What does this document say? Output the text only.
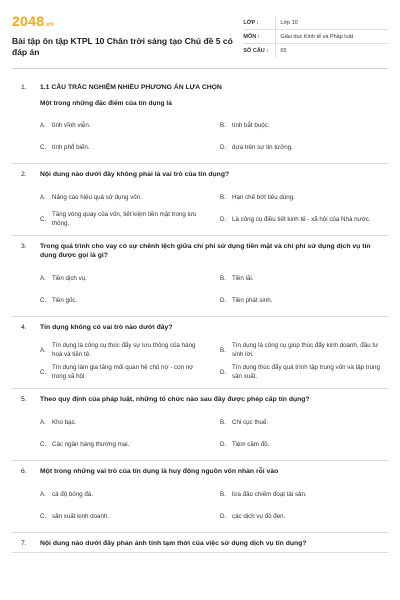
2048.vn
Bài tập ôn tập KTPL 10 Chân trời sáng tạo Chủ đề 5 có đáp án
LỚP :	Lớp 10
MÔN :	Giáo dục Kinh tế và Pháp luật
SỐ CÂU :	65
1.	1.1 CÂU TRẮC NGHIỆM NHIỀU PHƯƠNG ÁN LỰA CHỌN
Một trong những đặc điểm của tín dụng là
A. tính vĩnh viễn.	B. tính bắt buộc.
C. tính phổ biến.	D. dựa trên sự tin tưởng.
2.	Nội dung nào dưới đây không phải là vai trò của tín dụng?
A. Nâng cao hiệu quả sử dụng vốn.	B. Hạn chế bớt tiêu dùng.
C.
Tăng vòng quay của vốn, tiết kiệm tiền mặt trong lưu thông.
D. Là công cụ điều tiết kinh tế - xã hội của Nhà nước.
3.	Trong quá trình cho vay có sự chênh lệch giữa chi phí sử dụng tiền mặt và chi phí sử dụng dịch vụ tín dụng được gọi là gì?
A. Tiền dịch vụ.	B. Tiền lãi.
C. Tiền gốc.	D. Tiền phát sinh.
4.	Tín dụng không có vai trò nào dưới đây?
A.
Tín dụng là công cụ thúc đẩy sự lưu thông của hàng hoá và tiền tệ.
B.
Tín dụng là công cụ giúp thúc đẩy kinh doanh, đầu tư sinh lời.
C.
Tín dụng làm gia tăng mối quan hệ chủ nợ - con nợ trong xã hội.
D.
Tín dụng thúc đẩy quá trình tập trung vốn và tập trung sản xuất.
5.	Theo quy định của pháp luật, những tổ chức nào sau đây được phép cấp tín dụng?
A. Kho bạc.	B. Chi cục thuế.
C. Các ngân hàng thương mại.	D. Tiệm cầm đồ.
6.	Một trong những vai trò của tín dụng là huy động nguồn vốn nhàn rỗi vào
A. cá độ bóng đá.	B. lừa đảo chiếm đoạt tài sản.
C. sản xuất kinh doanh.	D. các dịch vụ đỏ đen.
7.	Nội dung nào dưới đây phản ánh tính tạm thời của việc sử dụng dịch vụ tín dụng?
